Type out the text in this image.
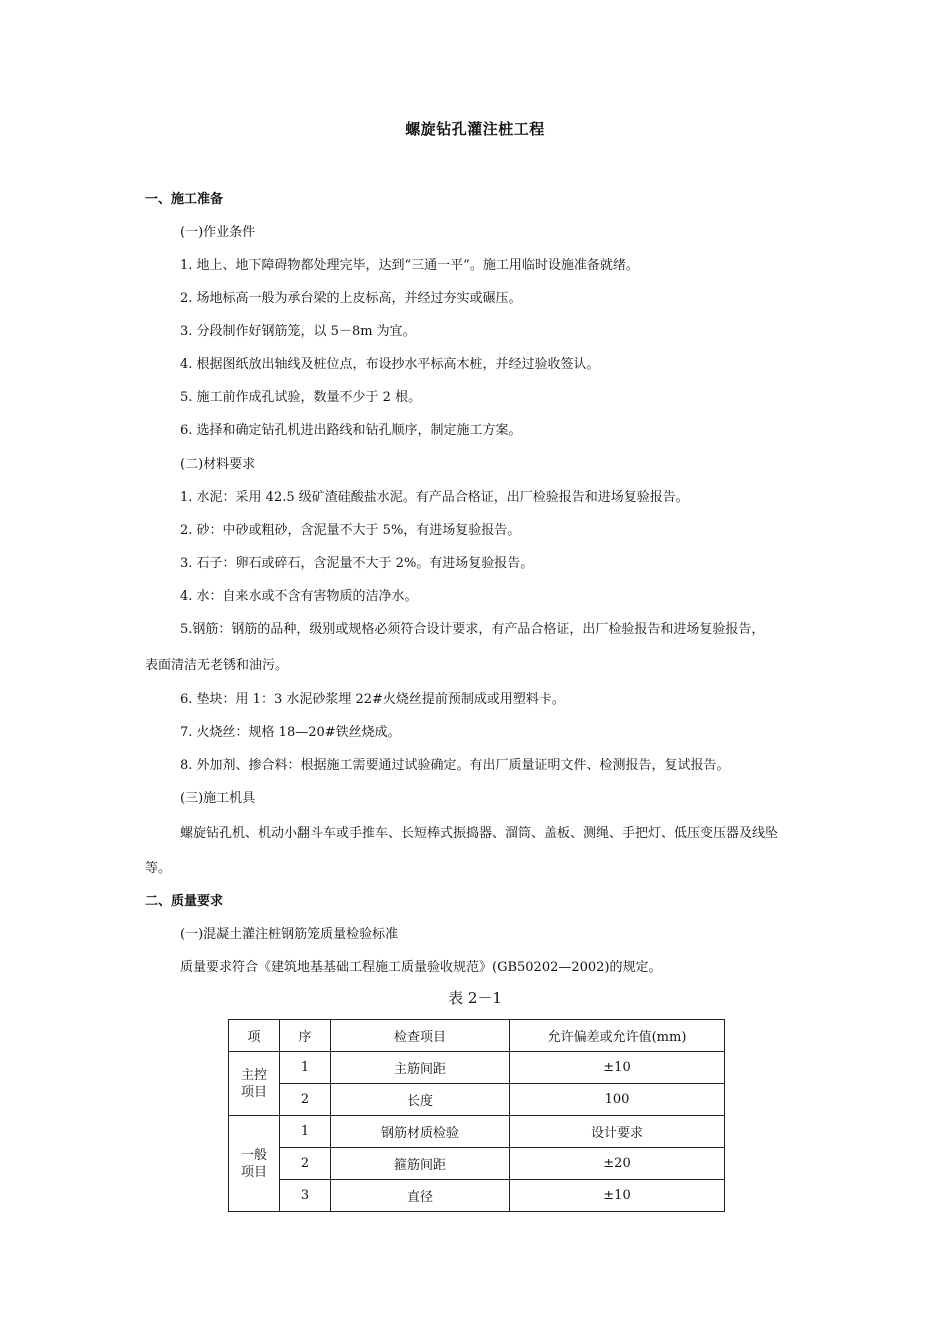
螺旋钻孔灌注桩工程
一、施工准备
(一)作业条件
1. 地上、地下障碍物都处理完毕，达到“三通一平”。施工用临时设施准备就绪。
2. 场地标高一般为承台梁的上皮标高，并经过夯实或碾压。
3. 分段制作好钢筋笼，以 5－8m 为宜。
4. 根据图纸放出轴线及桩位点，布设抄水平标高木桩，并经过验收签认。
5. 施工前作成孔试验，数量不少于 2 根。
6. 选择和确定钻孔机进出路线和钻孔顺序，制定施工方案。
(二)材料要求
1. 水泥：采用 42.5 级矿渣硅酸盐水泥。有产品合格证，出厂检验报告和进场复验报告。
2. 砂：中砂或粗砂，含泥量不大于 5%，有进场复验报告。
3. 石子：卵石或碎石，含泥量不大于 2%。有进场复验报告。
4. 水：自来水或不含有害物质的洁净水。
5.钢筋：钢筋的品种，级别或规格必须符合设计要求，有产品合格证，出厂检验报告和进场复验报告，
表面清洁无老锈和油污。
6. 垫块：用 1：3 水泥砂浆埋 22#火烧丝提前预制成或用塑料卡。
7. 火烧丝：规格 18—20#铁丝烧成。
8. 外加剂、掺合料：根据施工需要通过试验确定。有出厂质量证明文件、检测报告，复试报告。
(三)施工机具
螺旋钻孔机、机动小翻斗车或手推车、长短棒式振捣器、溜筒、盖板、测绳、手把灯、低压变压器及线坠
等。
二、质量要求
(一)混凝土灌注桩钢筋笼质量检验标准
质量要求符合《建筑地基基础工程施工质量验收规范》(GB50202—2002)的规定。
表 2－1
项	序	检查项目	允许偏差或允许值(mm)

主控
项目	1	主筋间距	±10
	2	长度	100

一般
项目	1	钢筋材质检验	设计要求
	2	箍筋间距	±20
	3	直径	±10
